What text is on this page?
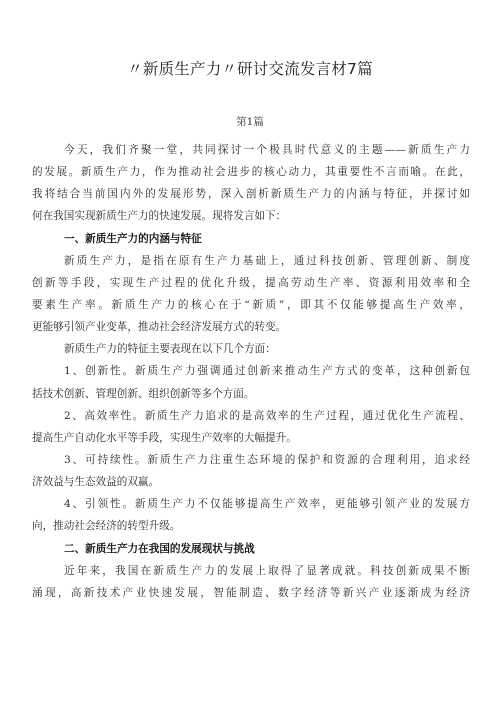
〃新质生产力〃研讨交流发言材7篇
第1篇
今天，我们齐聚一堂，共同探讨一个极具时代意义的主题——新质生产力
的发展。新质生产力，作为推动社会进步的核心动力，其重要性不言而喻。在此，
我将结合当前国内外的发展形势，深入剖析新质生产力的内涵与特征，并探讨如
何在我国实现新质生产力的快速发展。现将发言如下：
一、新质生产力的内涵与特征
新质生产力，是指在原有生产力基础上，通过科技创新、管理创新、制度
创新等手段，实现生产过程的优化升级，提高劳动生产率、资源利用效率和全
要素生产率。新质生产力的核心在于“新质”，即其不仅能够提高生产效率，
更能够引领产业变革，推动社会经济发展方式的转变。
新质生产力的特征主要表现在以下几个方面：
1、创新性。新质生产力强调通过创新来推动生产方式的变革，这种创新包
括技术创新、管理创新、组织创新等多个方面。
2、高效率性。新质生产力追求的是高效率的生产过程，通过优化生产流程、
提高生产自动化水平等手段，实现生产效率的大幅提升。
3、可持续性。新质生产力注重生态环境的保护和资源的合理利用，追求经
济效益与生态效益的双赢。
4、引领性。新质生产力不仅能够提高生产效率，更能够引领产业的发展方
向，推动社会经济的转型升级。
二、新质生产力在我国的发展现状与挑战
近年来，我国在新质生产力的发展上取得了显著成就。科技创新成果不断
涌现，高新技术产业快速发展，智能制造、数字经济等新兴产业逐渐成为经济
